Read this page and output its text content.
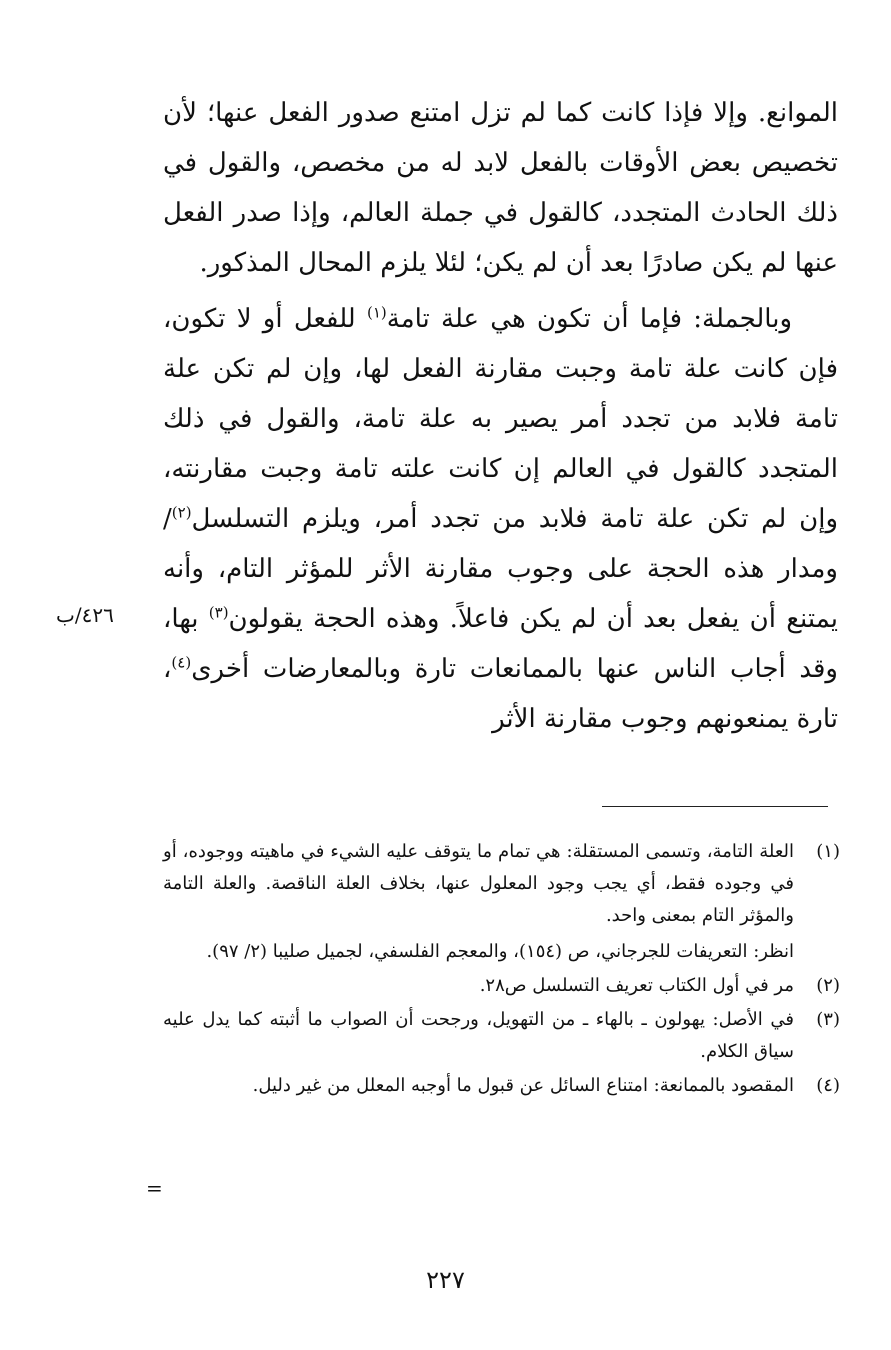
الموانع. وإلا فإذا كانت كما لم تزل امتنع صدور الفعل عنها؛ لأن تخصيص بعض الأوقات بالفعل لابد له من مخصص، والقول في ذلك الحادث المتجدد، كالقول في جملة العالم، وإذا صدر الفعل عنها لم يكن صادرًا بعد أن لم يكن؛ لئلا يلزم المحال المذكور.

وبالجملة: فإما أن تكون هي علة تامة$^{(١)}$ للفعل أو لا تكون، فإن كانت علة تامة وجبت مقارنة الفعل لها، وإن لم تكن علة تامة فلابد من تجدد أمر يصير به علة تامة، والقول في ذلك المتجدد كالقول في العالم إن كانت علته تامة وجبت مقارنته، وإن لم تكن علة تامة فلابد من تجدد أمر، ويلزم التسلسل$^{(٢)}$/ ومدار هذه الحجة على وجوب مقارنة الأثر للمؤثر التام، وأنه يمتنع أن يفعل بعد أن لم يكن فاعلاً. وهذه الحجة يقولون$^{(٣)}$ بها، وقد أجاب الناس عنها بالممانعات تارة وبالمعارضات أخرى$^{(٤)}$، تارة يمنعونهم وجوب مقارنة الأثر

٤٢٦/ب
(١)
العلة التامة، وتسمى المستقلة: هي تمام ما يتوقف عليه الشيء في ماهيته ووجوده، أو في وجوده فقط، أي يجب وجود المعلول عنها، بخلاف العلة الناقصة. والعلة التامة والمؤثر التام بمعنى واحد.
انظر: التعريفات للجرجاني، ص (١٥٤)، والمعجم الفلسفي، لجميل صليبا (٢/ ٩٧).
(٢)
مر في أول الكتاب تعريف التسلسل ص٢٨.
(٣)
في الأصل: يهولون ـ بالهاء ـ من التهويل، ورجحت أن الصواب ما أثبته كما يدل عليه سياق الكلام.
(٤)
المقصود بالممانعة: امتناع السائل عن قبول ما أوجبه المعلل من غير دليل.
=
٢٢٧
